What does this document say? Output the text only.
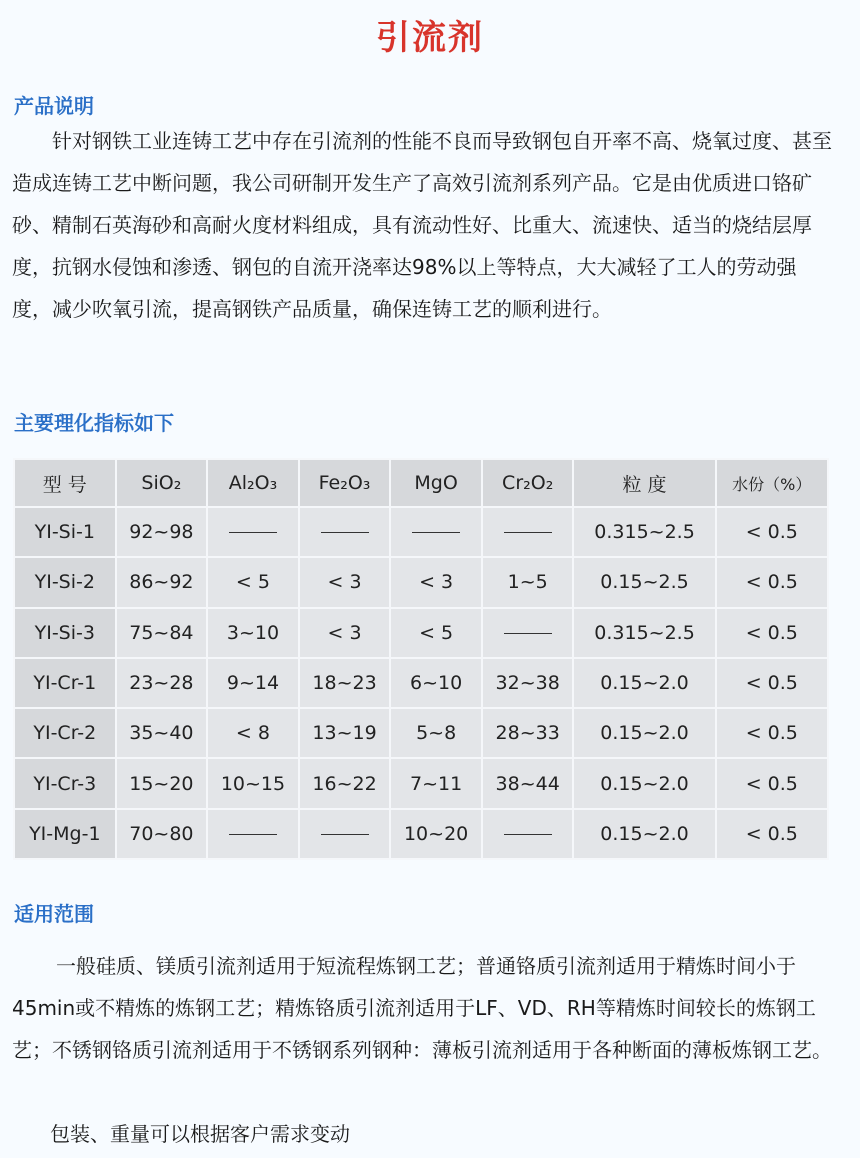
引流剂
产品说明

针对钢铁工业连铸工艺中存在引流剂的性能不良而导致钢包自开率不高、烧氧过度、甚至造成连铸工艺中断问题，我公司研制开发生产了高效引流剂系列产品。它是由优质进口铬矿砂、精制石英海砂和高耐火度材料组成，具有流动性好、比重大、流速快、适当的烧结层厚度，抗钢水侵蚀和渗透、钢包的自流开浇率达98%以上等特点，大大减轻了工人的劳动强度，减少吹氧引流，提高钢铁产品质量，确保连铸工艺的顺利进行。

主要理化指标如下
型 号	SiO₂	Al₂O₃	Fe₂O₃	MgO	Cr₂O₂	粒 度	水份（%）
YI-Si-1	92~98					0.315~2.5	< 0.5
YI-Si-2	86~92	< 5	< 3	< 3	1~5	0.15~2.5	< 0.5
YI-Si-3	75~84	3~10	< 3	< 5		0.315~2.5	< 0.5
YI-Cr-1	23~28	9~14	18~23	6~10	32~38	0.15~2.0	< 0.5
YI-Cr-2	35~40	< 8	13~19	5~8	28~33	0.15~2.0	< 0.5
YI-Cr-3	15~20	10~15	16~22	7~11	38~44	0.15~2.0	< 0.5
YI-Mg-1	70~80			10~20		0.15~2.0	< 0.5
适用范围

一般硅质、镁质引流剂适用于短流程炼钢工艺；普通铬质引流剂适用于精炼时间小于45min或不精炼的炼钢工艺；精炼铬质引流剂适用于LF、VD、RH等精炼时间较长的炼钢工艺；不锈钢铬质引流剂适用于不锈钢系列钢种：薄板引流剂适用于各种断面的薄板炼钢工艺。

包装、重量可以根据客户需求变动
